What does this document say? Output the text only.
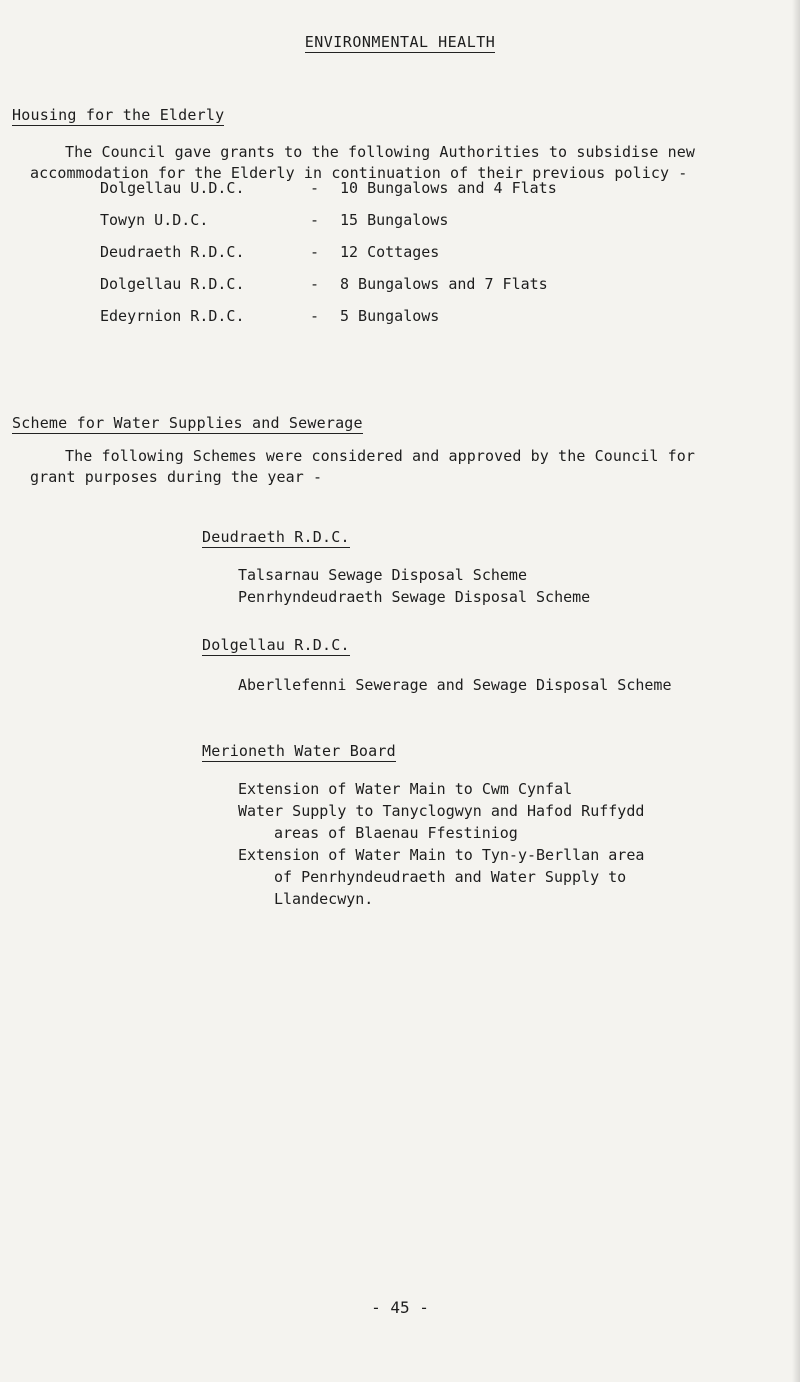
ENVIRONMENTAL HEALTH
Housing for the Elderly
The Council gave grants to the following Authorities to subsidise new
accommodation for the Elderly in continuation of their previous policy -
Dolgellau U.D.C.	-	10 Bungalows and 4 Flats
Towyn U.D.C.	-	15 Bungalows
Deudraeth R.D.C.	-	12 Cottages
Dolgellau R.D.C.	-	8 Bungalows and 7 Flats
Edeyrnion R.D.C.	-	5 Bungalows
Scheme for Water Supplies and Sewerage
The following Schemes were considered and approved by the Council for
grant purposes during the year -
Deudraeth R.D.C.
Talsarnau Sewage Disposal Scheme
Penrhyndeudraeth Sewage Disposal Scheme
Dolgellau R.D.C.
Aberllefenni Sewerage and Sewage Disposal Scheme
Merioneth Water Board
Extension of Water Main to Cwm Cynfal
Water Supply to Tanyclogwyn and Hafod Ruffydd
areas of Blaenau Ffestiniog
Extension of Water Main to Tyn-y-Berllan area
of Penrhyndeudraeth and Water Supply to
Llandecwyn.
- 45 -
